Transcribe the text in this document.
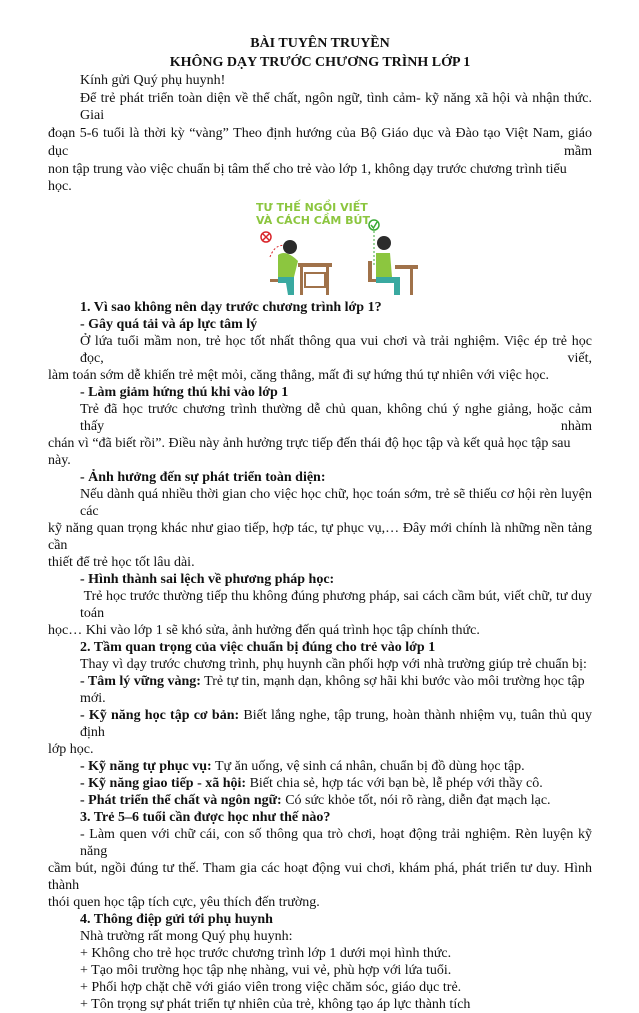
BÀI TUYÊN TRUYỀN
KHÔNG DẠY TRƯỚC CHƯƠNG TRÌNH LỚP 1
Kính gửi Quý phụ huynh!
Để trẻ phát triển toàn diện về thể chất, ngôn ngữ, tình cảm- kỹ năng xã hội và nhận thức. Giai
đoạn 5-6 tuổi là thời kỳ “vàng” Theo định hướng của Bộ Giáo dục và Đào tạo Việt Nam, giáo dục mầm
non tập trung vào việc chuẩn bị tâm thế cho trẻ vào lớp 1, không dạy trước chương trình tiểu học.
TƯ THẾ NGỒI VIẾT
VÀ CÁCH CẦM BÚT
1. Vì sao không nên dạy trước chương trình lớp 1?
- Gây quá tải và áp lực tâm lý
Ở lứa tuổi mầm non, trẻ học tốt nhất thông qua vui chơi và trải nghiệm. Việc ép trẻ học đọc, viết,
làm toán sớm dễ khiến trẻ mệt mỏi, căng thẳng, mất đi sự hứng thú tự nhiên với việc học.
- Làm giảm hứng thú khi vào lớp 1
Trẻ đã học trước chương trình thường dễ chủ quan, không chú ý nghe giảng, hoặc cảm thấy nhàm
chán vì “đã biết rồi”. Điều này ảnh hưởng trực tiếp đến thái độ học tập và kết quả học tập sau này.
- Ảnh hưởng đến sự phát triển toàn diện:
Nếu dành quá nhiều thời gian cho việc học chữ, học toán sớm, trẻ sẽ thiếu cơ hội rèn luyện các
kỹ năng quan trọng khác như giao tiếp, hợp tác, tự phục vụ,… Đây mới chính là những nền tảng cần
thiết để trẻ học tốt lâu dài.
- Hình thành sai lệch về phương pháp học:
Trẻ học trước thường tiếp thu không đúng phương pháp, sai cách cầm bút, viết chữ, tư duy toán
học… Khi vào lớp 1 sẽ khó sửa, ảnh hưởng đến quá trình học tập chính thức.
2. Tầm quan trọng của việc chuẩn bị đúng cho trẻ vào lớp 1
Thay vì dạy trước chương trình, phụ huynh cần phối hợp với nhà trường giúp trẻ chuẩn bị:
- Tâm lý vững vàng: Trẻ tự tin, mạnh dạn, không sợ hãi khi bước vào môi trường học tập mới.
- Kỹ năng học tập cơ bản: Biết lắng nghe, tập trung, hoàn thành nhiệm vụ, tuân thủ quy định
lớp học.
- Kỹ năng tự phục vụ: Tự ăn uống, vệ sinh cá nhân, chuẩn bị đồ dùng học tập.
- Kỹ năng giao tiếp - xã hội: Biết chia sẻ, hợp tác với bạn bè, lễ phép với thầy cô.
- Phát triển thể chất và ngôn ngữ: Có sức khỏe tốt, nói rõ ràng, diễn đạt mạch lạc.
3. Trẻ 5–6 tuổi cần được học như thế nào?
- Làm quen với chữ cái, con số thông qua trò chơi, hoạt động trải nghiệm. Rèn luyện kỹ năng
cầm bút, ngồi đúng tư thế. Tham gia các hoạt động vui chơi, khám phá, phát triển tư duy. Hình thành
thói quen học tập tích cực, yêu thích đến trường.
4. Thông điệp gửi tới phụ huynh
Nhà trường rất mong Quý phụ huynh:
+ Không cho trẻ học trước chương trình lớp 1 dưới mọi hình thức.
+ Tạo môi trường học tập nhẹ nhàng, vui vẻ, phù hợp với lứa tuổi.
+ Phối hợp chặt chẽ với giáo viên trong việc chăm sóc, giáo dục trẻ.
+ Tôn trọng sự phát triển tự nhiên của trẻ, không tạo áp lực thành tích
